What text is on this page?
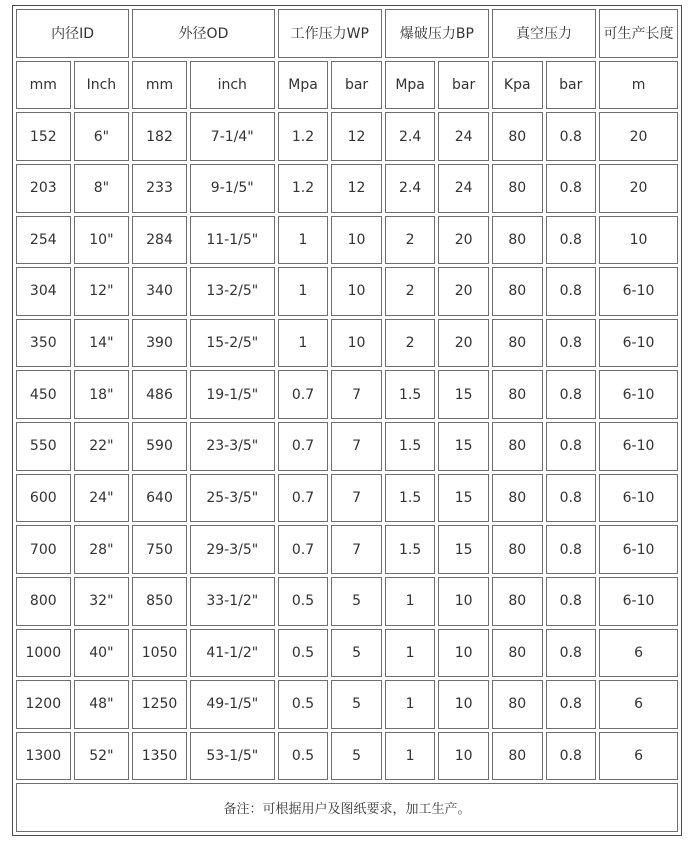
内径ID		外径OD		工作压力WP		爆破压力BP		真空压力		可生产长度
mm	Inch	mm	inch	Mpa	bar	Mpa	bar	Kpa	bar	m
152	6"	182	7-1/4"	1.2	12	2.4	24	80	0.8	20
203	8"	233	9-1/5"	1.2	12	2.4	24	80	0.8	20
254	10"	284	11-1/5"	1	10	2	20	80	0.8	10
304	12"	340	13-2/5"	1	10	2	20	80	0.8	6-10
350	14"	390	15-2/5"	1	10	2	20	80	0.8	6-10
450	18"	486	19-1/5"	0.7	7	1.5	15	80	0.8	6-10
550	22"	590	23-3/5"	0.7	7	1.5	15	80	0.8	6-10
600	24"	640	25-3/5"	0.7	7	1.5	15	80	0.8	6-10
700	28"	750	29-3/5"	0.7	7	1.5	15	80	0.8	6-10
800	32"	850	33-1/2"	0.5	5	1	10	80	0.8	6-10
1000	40"	1050	41-1/2"	0.5	5	1	10	80	0.8	6
1200	48"	1250	49-1/5"	0.5	5	1	10	80	0.8	6
1300	52"	1350	53-1/5"	0.5	5	1	10	80	0.8	6
备注：可根据用户及图纸要求，加工生产。										
